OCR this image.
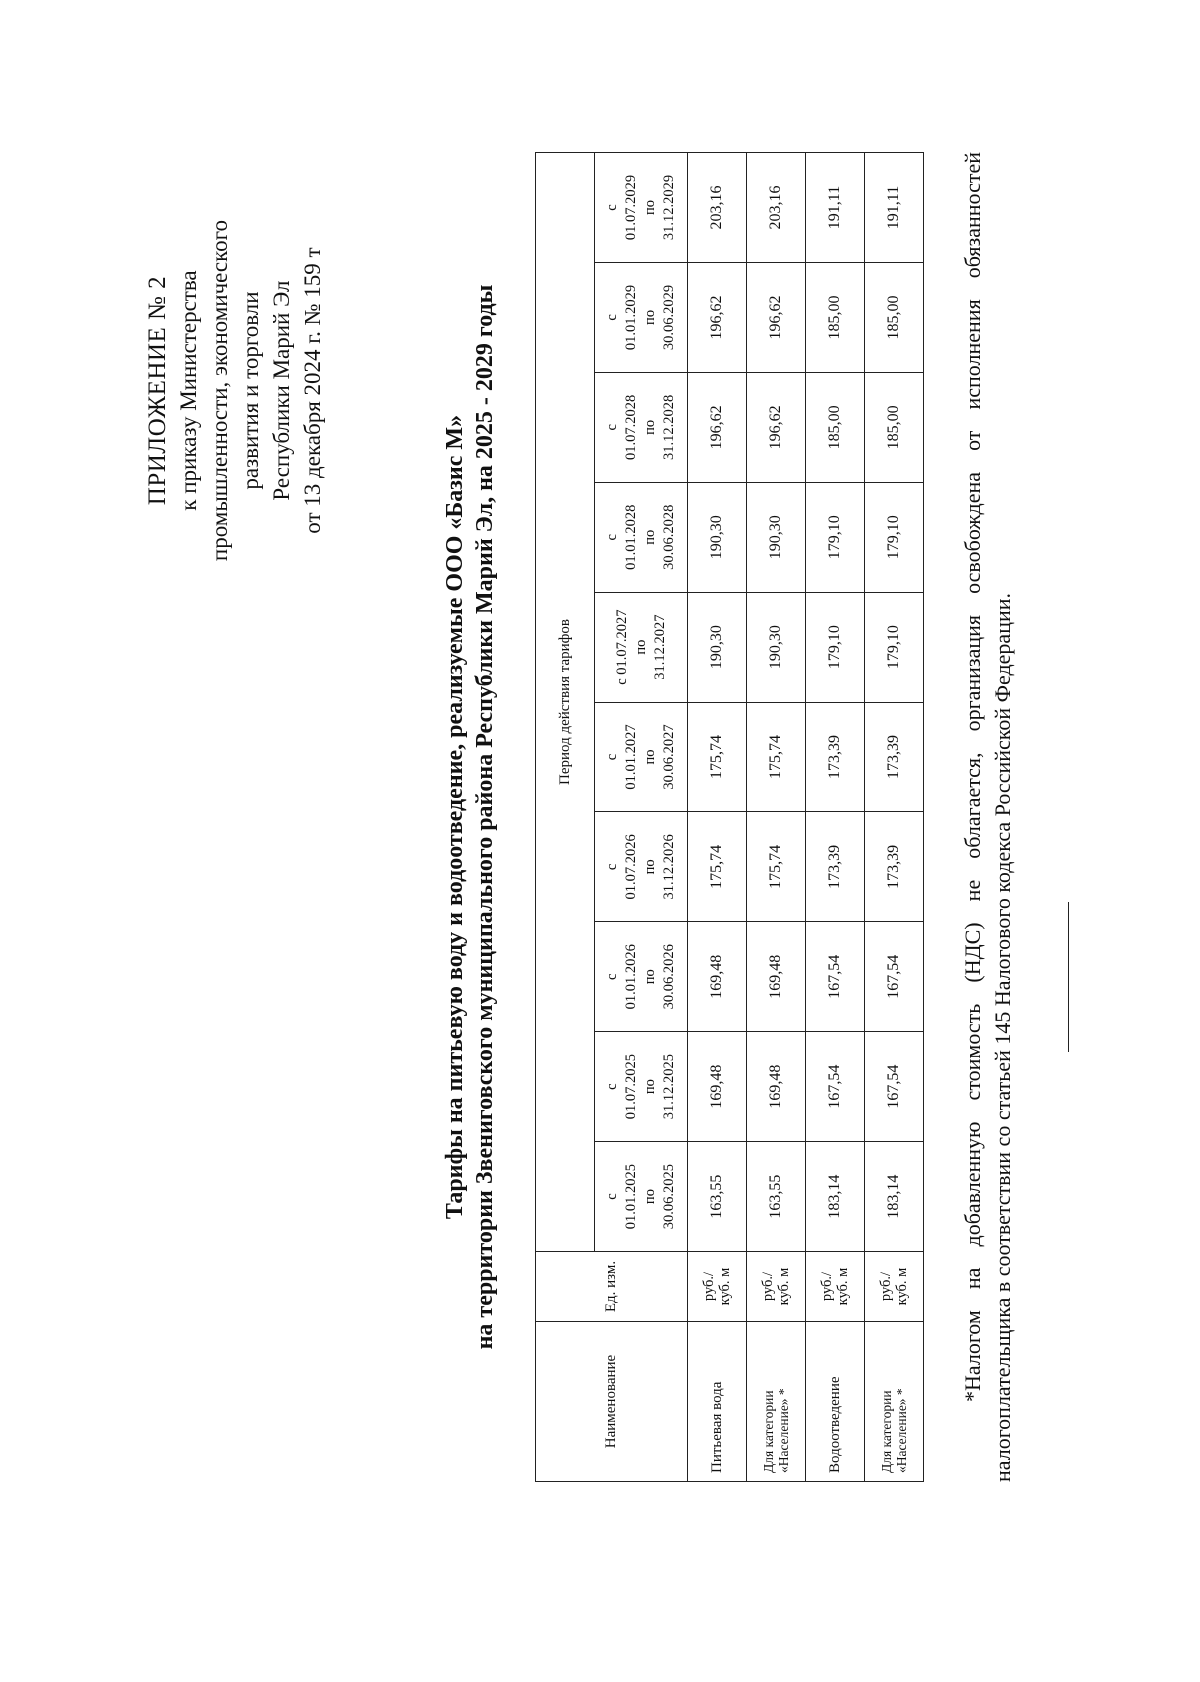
ПРИЛОЖЕНИЕ № 2 к приказу Министерства промышленности, экономического развития и торговли Республики Марий Эл от 13 декабря 2024 г. № 159 т
Тарифы на питьевую воду и водоотведение, реализуемые ООО «Базис М» на территории Звениговского муниципального района Республики Марий Эл, на 2025 - 2029 годы
Наименование	Ед. изм.	Период действия тарифов									

		с 01.01.2025 по 30.06.2025	с 01.07.2025 по 31.12.2025	с 01.01.2026 по 30.06.2026	с 01.07.2026 по 31.12.2026	с 01.01.2027 по 30.06.2027	с 01.07.2027 по 31.12.2027	с 01.01.2028 по 30.06.2028	с 01.07.2028 по 31.12.2028	с 01.01.2029 по 30.06.2029	с 01.07.2029 по 31.12.2029

Питьевая вода	руб./ куб. м	163,55	169,48	169,48	175,74	175,74	190,30	190,30	196,62	196,62	203,16

Для категории «Население» *	руб./ куб. м	163,55	169,48	169,48	175,74	175,74	190,30	190,30	196,62	196,62	203,16

Водоотведение	руб./ куб. м	183,14	167,54	167,54	173,39	173,39	179,10	179,10	185,00	185,00	191,11

Для категории «Население» *	руб./ куб. м	183,14	167,54	167,54	173,39	173,39	179,10	179,10	185,00	185,00	191,11	*Налогом на добавленную стоимость (НДС) не облагается, организация освобождена от исполнения обязанностей налогоплательщика в соответствии со статьей 145 Налогового кодекса Российской Федерации.
